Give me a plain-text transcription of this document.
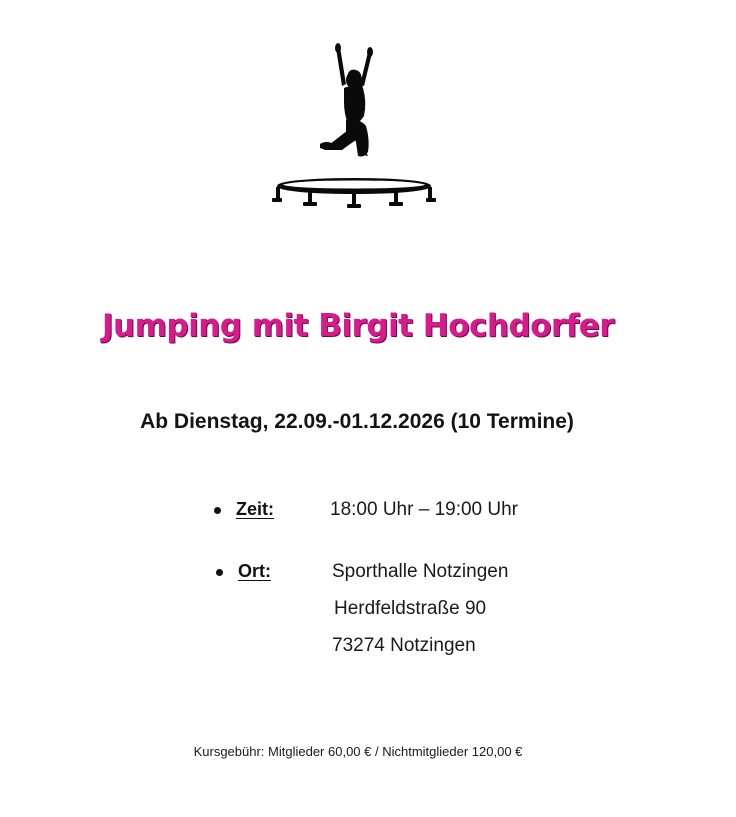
Jumping mit Birgit Hochdorfer
Ab Dienstag, 22.09.-01.12.2026 (10 Termine)
Zeit:	18:00 Uhr – 19:00 Uhr
Ort:	Sporthalle Notzingen
Herdfeldstraße 90
73274 Notzingen
Kursgebühr: Mitglieder 60,00 € / Nichtmitglieder 120,00 €
